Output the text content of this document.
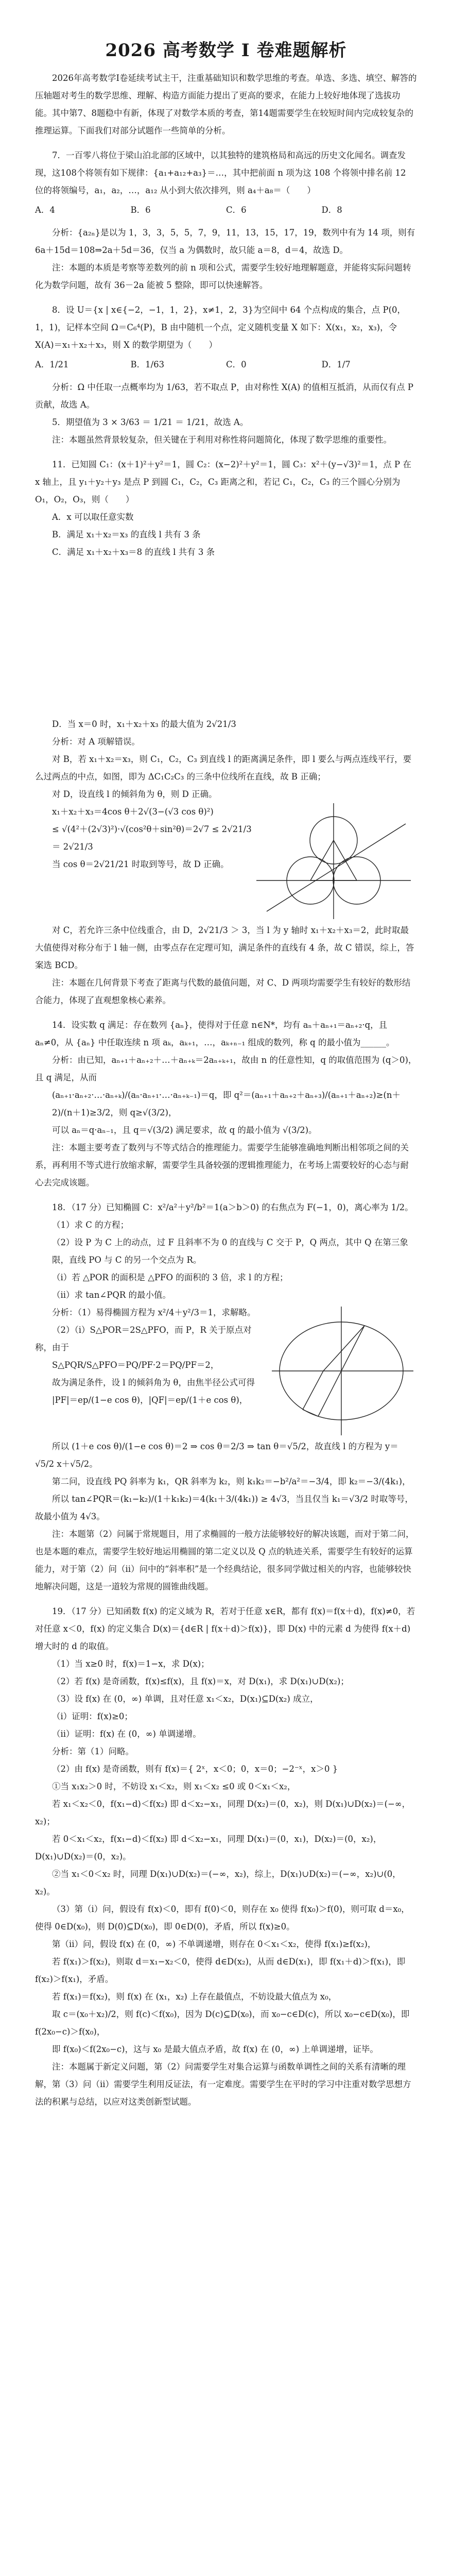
2026 高考数学 I 卷难题解析
2026年高考数学I卷延续考试主干，注重基础知识和数学思维的考查。单选、多选、填空、解答的压轴题对考生的数学思维、理解、构造方面能力提出了更高的要求，在能力上较好地体现了选拔功能。其中第7、8题稳中有新，体现了对数学本质的考查，第14题需要学生在较短时间内完成较复杂的推理运算。下面我们对部分试题作一些简单的分析。
7．一百零八将位于梁山泊北部的区域中，以其独特的建筑格局和高远的历史文化闻名。调查发现，这108个将领有如下规律：{a₁+a₁₂+a₃}＝…，其中把前面 n 项为这 108 个将领中排名前 12 位的将领编号，a₁，a₂，…，a₁₂ 从小到大依次排列，则 a₄＋a₈＝（　　）
A．4	B．6	C．6	D．8
分析：{a₂ₙ}是以为 1，3，3，5，5，7，9，11，13，15，17，19，数列中有为 14 项，则有 6a＋15d＝108⇒2a＋5d＝36，仅当 a 为偶数时，故只能 a＝8，d＝4，故选 D。
注：本题的本质是考察等差数列的前 n 项和公式，需要学生较好地理解题意，并能将实际问题转化为数学问题，故有 36－2a 能被 5 整除，即可以快速解答。
8．设 U＝{x | x∈{−2，−1，1，2}，x≠1，2，3}为空间中 64 个点构成的集合，点 P(0，1，1)，记样本空间 Ω＝C₆⁴(P)，B 由中随机一个点，定义随机变量 X 如下：X(x₁，x₂，x₃)，令 X(A)＝x₁＋x₂＋x₃，则 X 的数学期望为（　　）
A．1/21	B．1/63	C．0	D．1/7
分析：Ω 中任取一点概率均为 1/63，若不取点 P，由对称性 X(A) 的值相互抵消，从而仅有点 P 贡献，故选 A。
5．期望值为 3 × 3/63 ＝ 1/21 ＝ 1/21，故选 A。
注：本题虽然背景较复杂，但关键在于利用对称性将问题简化，体现了数学思维的重要性。
11．已知圆 C₁：(x＋1)²＋y²＝1，圆 C₂：(x−2)²＋y²＝1，圆 C₃：x²＋(y−√3)²＝1，点 P 在 x 轴上，且 y₁＋y₂＋y₃ 是点 P 到圆 C₁，C₂，C₃ 距离之和，若记 C₁，C₂，C₃ 的三个圆心分别为 O₁，O₂，O₃，则（　　）
A．x 可以取任意实数
B．满足 x₁＋x₂＝x₃ 的直线 l 共有 3 条
C．满足 x₁＋x₂＋x₃＝8 的直线 l 共有 3 条
D．当 x＝0 时，x₁＋x₂＋x₃ 的最大值为 2√21/3
分析：对 A 项解错误。
对 B，若 x₁＋x₂＝x₃，则 C₁，C₂，C₃ 到直线 l 的距离满足条件，即 l 要么与两点连线平行，要么过两点的中点，如图，即为 ΔC₁C₂C₃ 的三条中位线所在直线，故 B 正确；
对 D，设直线 l 的倾斜角为 θ，则 D 正确。
x₁＋x₂＋x₃＝4cos θ＋2√(3−(√3 cos θ)²)
≤ √(4²＋(2√3)²)·√(cos²θ＋sin²θ)＝2√7 ≤ 2√21/3
＝ 2√21/3
当 cos θ＝2√21/21 时取到等号，故 D 正确。
对 C，若允许三条中位线重合，由 D，2√21/3 ＞ 3，当 l 为 y 轴时 x₁＋x₂＋x₃＝2，此时取最大值使得对称分布于 l 轴一侧，由零点存在定理可知，满足条件的直线有 4 条，故 C 错误，综上，答案选 BCD。
注：本题在几何背景下考查了距离与代数的最值问题，对 C、D 两项均需要学生有较好的数形结合能力，体现了直观想象核心素养。
14．设实数 q 满足：存在数列 {aₙ}，使得对于任意 n∈N*，均有 aₙ＋aₙ₊₁＝aₙ₊₂·q，且 aₙ≠0，从 {aₙ} 中任取连续 n 项 aₖ，aₖ₊₁，…，aₖ₊ₙ₋₁ 组成的数列，称 q 的最小值为______。
分析：由已知，aₙ₊₁＋aₙ₊₂＋…＋aₙ₊ₖ＝2aₙ₊ₖ₊₁，故由 n 的任意性知，q 的取值范围为 (q＞0)，且 q 满足，从而
(aₙ₊₁·aₙ₊₂·…·aₙ₊ₖ)/(aₙ·aₙ₊₁·…·aₙ₊ₖ₋₁)＝q，即 q²＝(aₙ₊₁＋aₙ₊₂＋aₙ₊₃)/(aₙ₊₁＋aₙ₊₂)≥(n＋2)/(n＋1)≥3/2，则 q≥√(3/2)，
可以 aₙ＝q·aₙ₋₁，且 q＝√(3/2) 满足要求，故 q 的最小值为 √(3/2)。
注：本题主要考查了数列与不等式结合的推理能力。需要学生能够准确地判断出相邻项之间的关系，再利用不等式进行放缩求解，需要学生具备较强的逻辑推理能力，在考场上需要较好的心态与耐心去完成该题。
18．（17 分）已知椭圆 C：x²/a²＋y²/b²＝1(a＞b＞0) 的右焦点为 F(−1，0)，离心率为 1/2。
（1）求 C 的方程；
（2）设 P 为 C 上的动点，过 F 且斜率不为 0 的直线与 C 交于 P，Q 两点，其中 Q 在第三象限，直线 PO 与 C 的另一个交点为 R。
（i）若 △POR 的面积是 △PFO 的面积的 3 倍，求 l 的方程；
（ii）求 tan∠PQR 的最小值。
分析：（1）易得椭圆方程为 x²/4＋y²/3＝1，求解略。
（2）（i）S△POR＝2S△PFO，而 P，R 关于原点对称，由于
S△PQR/S△PFO＝PQ/PF·2＝PQ/PF＝2，
故为满足条件，设 l 的倾斜角为 θ，由焦半径公式可得
|PF|＝ep/(1−e cos θ)，|QF|＝ep/(1＋e cos θ)，
所以 (1＋e cos θ)/(1−e cos θ)＝2 ⇒ cos θ＝2/3 ⇒ tan θ＝√5/2，故直线 l 的方程为 y＝√5/2 x＋√5/2。
第二问，设直线 PQ 斜率为 k₁，QR 斜率为 k₂，则 k₁k₂＝−b²/a²＝−3/4，即 k₂＝−3/(4k₁)，
所以 tan∠PQR＝(k₁−k₂)/(1＋k₁k₂)＝4(k₁＋3/(4k₁)) ≥ 4√3，当且仅当 k₁＝√3/2 时取等号，故最小值为 4√3。
注：本题第（2）问属于常规题目，用了求椭圆的一般方法能够较好的解决该题，而对于第二问，也是本题的难点，需要学生较好地运用椭圆的第二定义以及 Q 点的轨迹关系，需要学生有较好的运算能力，对于第（2）问（ii）问中的“斜率积”是一个经典结论，很多同学做过相关的内容，也能够较快地解决问题，这是一道较为常规的圆锥曲线题。
19．（17 分）已知函数 f(x) 的定义域为 R，若对于任意 x∈R，都有 f(x)＝f(x＋d)，f(x)≠0，若对任意 x＜0，f(x) 的定义集合 D(x)＝{d∈R | f(x＋d)＞f(x)}，即 D(x) 中的元素 d 为使得 f(x＋d) 增大时的 d 的取值。
（1）当 x≥0 时，f(x)＝1−x，求 D(x)；
（2）若 f(x) 是奇函数，f(x)≤f(x)，且 f(x)＝x，对 D(x₁)，求 D(x₁)∪D(x₂)；
（3）设 f(x) 在 (0，∞) 单调，且对任意 x₁＜x₂，D(x₁)⊆D(x₂) 成立，
（i）证明：f(x)≥0；
（ii）证明：f(x) 在 (0，∞) 单调递增。
分析：第（1）问略。
（2）由 f(x) 是奇函数，则有 f(x)＝{ 2ˣ，x＜0；0，x＝0；−2⁻ˣ，x＞0 }
①当 x₁x₂＞0 时，不妨设 x₁＜x₂，则 x₁＜x₂ ≤0 或 0＜x₁＜x₂，
若 x₁＜x₂＜0，f(x₁−d)＜f(x₂) 即 d＜x₂−x₁，同理 D(x₂)＝(0，x₂)，则 D(x₁)∪D(x₂)＝(−∞，x₂)；
若 0＜x₁＜x₂，f(x₁−d)＜f(x₂) 即 d＜x₂−x₁，同理 D(x₁)＝(0，x₁)，D(x₂)＝(0，x₂)，D(x₁)∪D(x₂)＝(0，x₂)。
②当 x₁＜0＜x₂ 时，同理 D(x₁)∪D(x₂)＝(−∞，x₂)，综上，D(x₁)∪D(x₂)＝(−∞，x₂)∪(0，x₂)。
（3）第（i）问，假设有 f(x)＜0，即有 f(0)＜0，则存在 x₀ 使得 f(x₀)＞f(0)，则可取 d＝x₀，使得 0∈D(x₀)，则 D(0)⊆D(x₀)，即 0∈D(0)，矛盾，所以 f(x)≥0。
第（ii）问，假设 f(x) 在 (0，∞) 不单调递增，则存在 0＜x₁＜x₂，使得 f(x₁)≥f(x₂)，
若 f(x₁)＞f(x₂)，则取 d＝x₁−x₂＜0，使得 d∈D(x₂)，从而 d∈D(x₁)，即 f(x₁＋d)＞f(x₁)，即 f(x₂)＞f(x₁)，矛盾。
若 f(x₁)＝f(x₂)，则 f(x) 在 (x₁，x₂) 上存在最值点，不妨设最大值点为 x₀，
取 c＝(x₀＋x₂)/2，则 f(c)＜f(x₀)，因为 D(c)⊆D(x₀)，而 x₀−c∈D(c)，所以 x₀−c∈D(x₀)，即 f(2x₀−c)＞f(x₀)，
即 f(x₀)＜f(2x₀−c)，这与 x₀ 是最大值点矛盾，故 f(x) 在 (0，∞) 上单调递增，证毕。
注：本题属于新定义问题，第（2）问需要学生对集合运算与函数单调性之间的关系有清晰的理解，第（3）问（ii）需要学生利用反证法，有一定难度。需要学生在平时的学习中注重对数学思想方法的积累与总结，以应对这类创新型试题。
